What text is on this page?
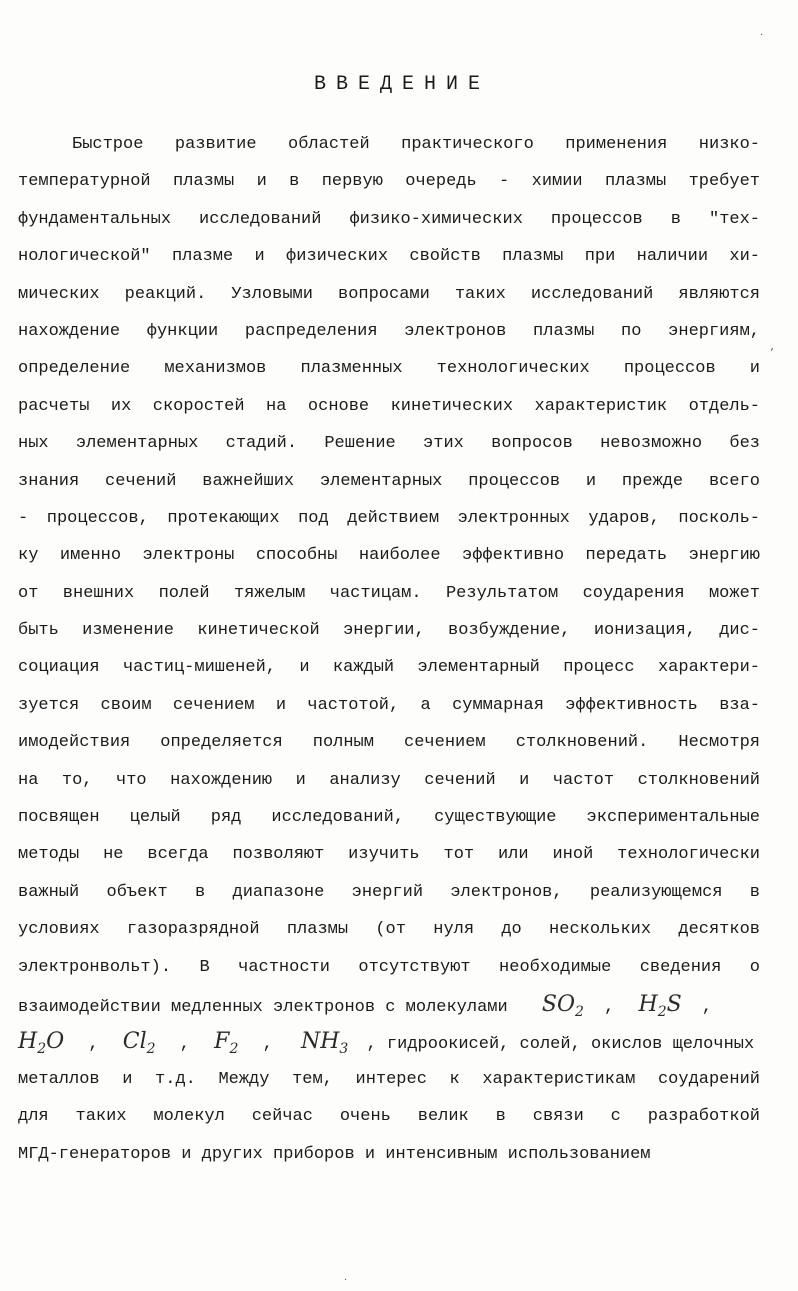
ВВЕДЕНИЕ
Быстрое развитие областей практического применения низко-
температурной плазмы и в первую очередь - химии плазмы требует
фундаментальных исследований физико-химических процессов в "тех-
нологической" плазме и физических свойств плазмы при наличии хи-
мических реакций. Узловыми вопросами таких исследований являются
нахождение функции распределения электронов плазмы по энергиям,
определение механизмов плазменных технологических процессов и
расчеты их скоростей на основе кинетических характеристик отдель-
ных элементарных стадий. Решение этих вопросов невозможно без
знания сечений важнейших элементарных процессов и прежде всего
- процессов, протекающих под действием электронных ударов, посколь-
ку именно электроны способны наиболее эффективно передать энергию
от внешних полей тяжелым частицам. Результатом соударения может
быть изменение кинетической энергии, возбуждение, ионизация, дис-
социация частиц-мишеней, и каждый элементарный процесс характери-
зуется своим сечением и частотой, а суммарная эффективность вза-
имодействия определяется полным сечением столкновений. Несмотря
на то, что нахождению и анализу сечений и частот столкновений
посвящен целый ряд исследований, существующие экспериментальные
методы не всегда позволяют изучить тот или иной технологически
важный объект в диапазоне энергий электронов, реализующемся в
условиях газоразрядной плазмы (от нуля до нескольких десятков
электронвольт). В частности отсутствуют необходимые сведения о
взаимодействии медленных электронов с молекулами $SO_2$ , $H_2S$ ,
$H_2O$ , $Cl_2$ , $F_2$ , $NH_3$ , гидроокисей, солей, окислов щелочных
металлов и т.д. Между тем, интерес к характеристикам соударений
для таких молекул сейчас очень велик в связи с разработкой
МГД-генераторов и других приборов и интенсивным использованием
·
ʼ
·
